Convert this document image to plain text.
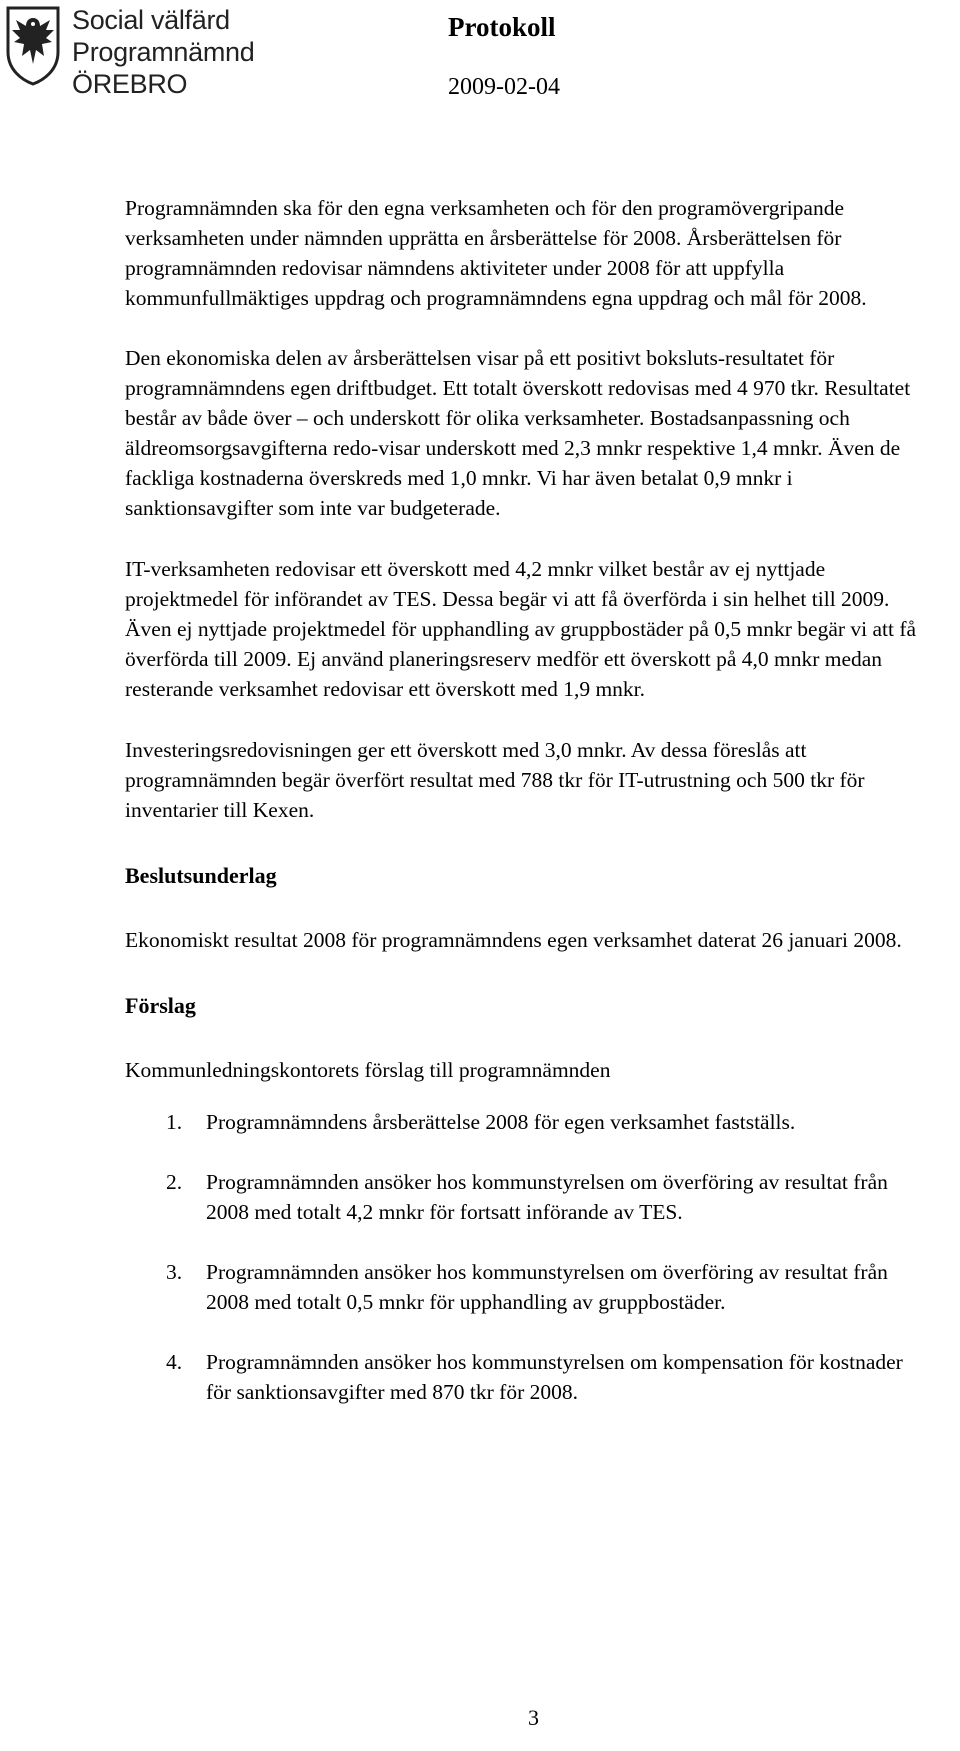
Social välfärd
Programnämnd
ÖREBRO
Protokoll
2009-02-04

Programnämnden ska för den egna verksamheten och för den programövergripande verksamheten under nämnden upprätta en årsberättelse för 2008. Årsberättelsen för programnämnden redovisar nämndens aktiviteter under 2008 för att uppfylla kommunfullmäktiges uppdrag och programnämndens egna uppdrag och mål för 2008.

Den ekonomiska delen av årsberättelsen visar på ett positivt boksluts-resultatet för programnämndens egen driftbudget. Ett totalt överskott redovisas med 4 970 tkr. Resultatet består av både över – och underskott för olika verksamheter. Bostadsanpassning och äldreomsorgsavgifterna redo-visar underskott med 2,3 mnkr respektive 1,4 mnkr. Även de fackliga kostnaderna överskreds med 1,0 mnkr. Vi har även betalat 0,9 mnkr i sanktionsavgifter som inte var budgeterade.

IT-verksamheten redovisar ett överskott med 4,2 mnkr vilket består av ej nyttjade projektmedel för införandet av TES. Dessa begär vi att få överförda i sin helhet till 2009. Även ej nyttjade projektmedel för upphandling av gruppbostäder på 0,5 mnkr begär vi att få överförda till 2009. Ej använd planeringsreserv medför ett överskott på 4,0 mnkr medan resterande verksamhet redovisar ett överskott med 1,9 mnkr.

Investeringsredovisningen ger ett överskott med 3,0 mnkr. Av dessa föreslås att programnämnden begär överfört resultat med 788 tkr för IT-utrustning och 500 tkr för inventarier till Kexen.

Beslutsunderlag

Ekonomiskt resultat 2008 för programnämndens egen verksamhet daterat 26 januari 2008.

Förslag

Kommunledningskontorets förslag till programnämnden

1. Programnämndens årsberättelse 2008 för egen verksamhet fastställs.
2. Programnämnden ansöker hos kommunstyrelsen om överföring av resultat från 2008 med totalt 4,2 mnkr för fortsatt införande av TES.
3. Programnämnden ansöker hos kommunstyrelsen om överföring av resultat från 2008 med totalt 0,5 mnkr för upphandling av gruppbostäder.
4. Programnämnden ansöker hos kommunstyrelsen om kompensation för kostnader för sanktionsavgifter med 870 tkr för 2008.
3
